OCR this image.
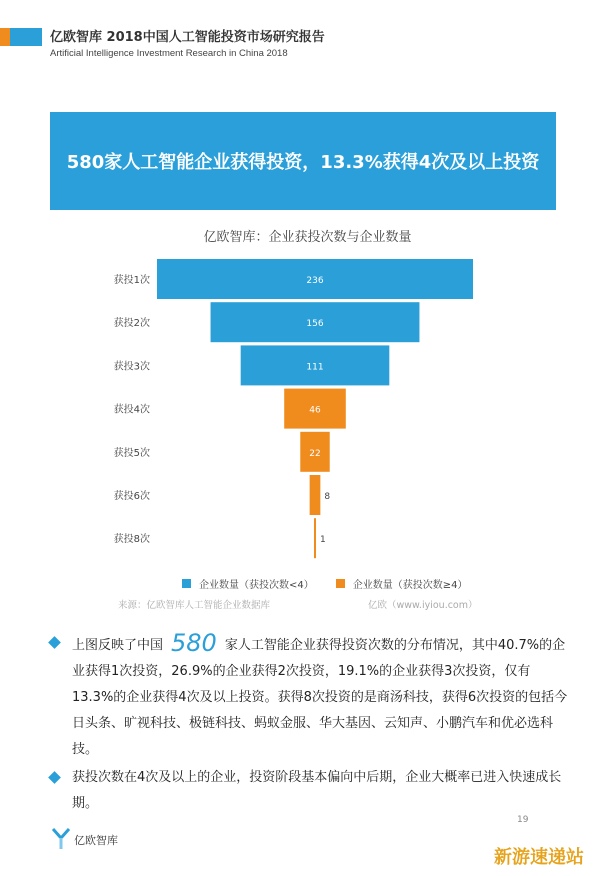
亿欧智库 2018中国人工智能投资市场研究报告
Artificial Intelligence Investment Research in China 2018
580家人工智能企业获得投资，13.3%获得4次及以上投资
亿欧智库：企业获投次数与企业数量
获投1次	236
获投2次	156
获投3次	111
获投4次	46
获投5次	22
获投6次	8
获投8次	1
企业数量（获投次数<4）	企业数量（获投次数≥4）
来源：亿欧智库人工智能企业数据库	亿欧（www.iyiou.com）
上图反映了中国 580 家人工智能企业获得投资次数的分布情况，其中40.7%的企业获得1次投资，26.9%的企业获得2次投资，19.1%的企业获得3次投资，仅有13.3%的企业获得4次及以上投资。获得8次投资的是商汤科技，获得6次投资的包括今日头条、旷视科技、极链科技、蚂蚁金服、华大基因、云知声、小鹏汽车和优必选科技。
获投次数在4次及以上的企业，投资阶段基本偏向中后期，企业大概率已进入快速成长期。
亿欧智库
19
新游速递站
